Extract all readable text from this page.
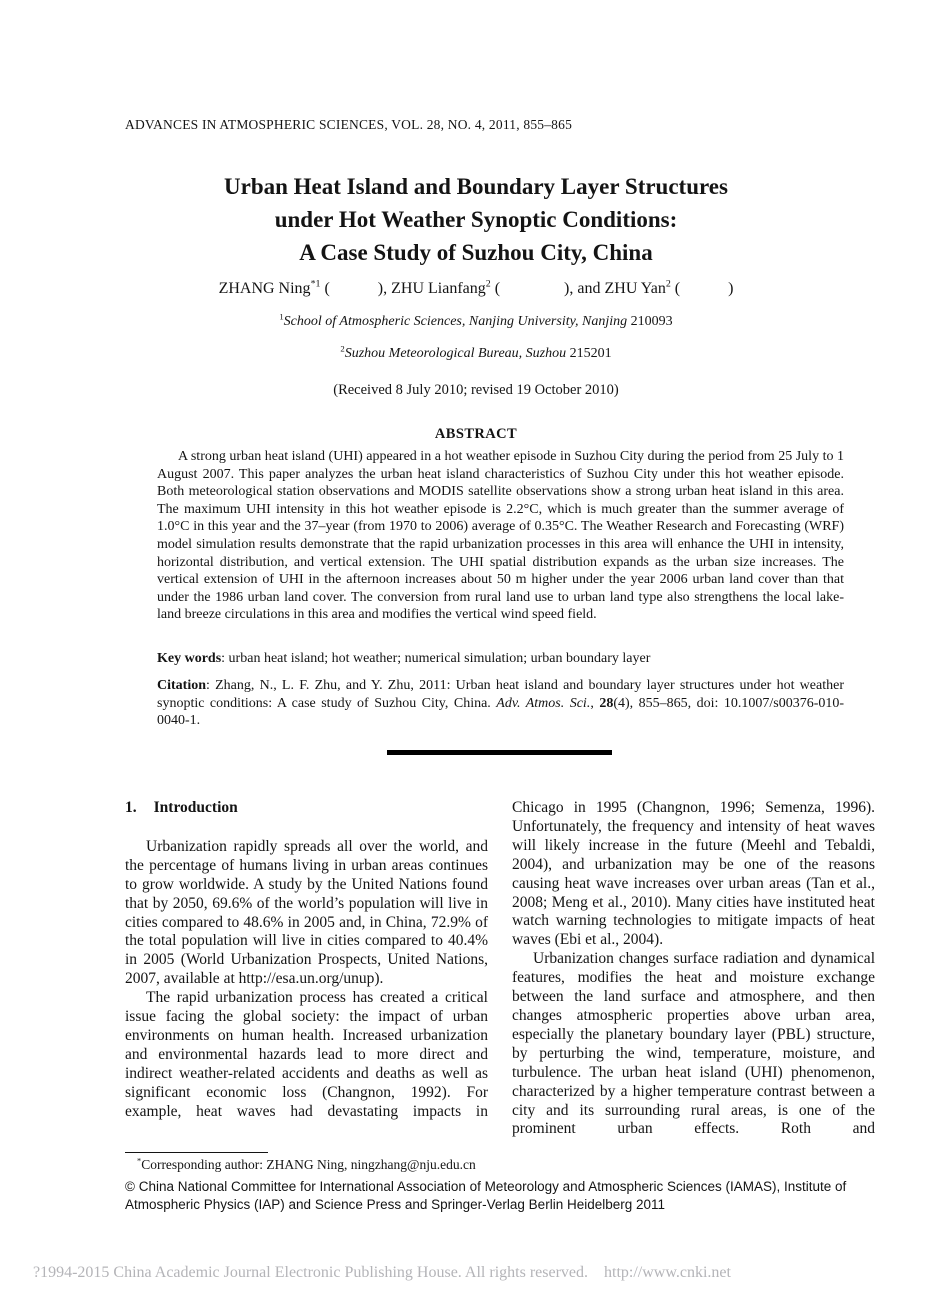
ADVANCES IN ATMOSPHERIC SCIENCES, VOL. 28, NO. 4, 2011, 855–865
Urban Heat Island and Boundary Layer Structures
under Hot Weather Synoptic Conditions:
A Case Study of Suzhou City, China
ZHANG Ning$^{*1}$ (   ), ZHU Lianfang$^2$ (    ), and ZHU Yan$^2$ (   )
$^1$School of Atmospheric Sciences, Nanjing University, Nanjing 210093
$^2$Suzhou Meteorological Bureau, Suzhou 215201
(Received 8 July 2010; revised 19 October 2010)
ABSTRACT

A strong urban heat island (UHI) appeared in a hot weather episode in Suzhou City during the period from 25 July to 1 August 2007. This paper analyzes the urban heat island characteristics of Suzhou City under this hot weather episode. Both meteorological station observations and MODIS satellite observations show a strong urban heat island in this area. The maximum UHI intensity in this hot weather episode is 2.2°C, which is much greater than the summer average of 1.0°C in this year and the 37–year (from 1970 to 2006) average of 0.35°C. The Weather Research and Forecasting (WRF) model simulation results demonstrate that the rapid urbanization processes in this area will enhance the UHI in intensity, horizontal distribution, and vertical extension. The UHI spatial distribution expands as the urban size increases. The vertical extension of UHI in the afternoon increases about 50 m higher under the year 2006 urban land cover than that under the 1986 urban land cover. The conversion from rural land use to urban land type also strengthens the local lake-land breeze circulations in this area and modifies the vertical wind speed field.

Key words: urban heat island; hot weather; numerical simulation; urban boundary layer

Citation: Zhang, N., L. F. Zhu, and Y. Zhu, 2011: Urban heat island and boundary layer structures under hot weather synoptic conditions: A case study of Suzhou City, China. Adv. Atmos. Sci., 28(4), 855–865, doi: 10.1007/s00376-010-0040-1.

1. Introduction

Urbanization rapidly spreads all over the world, and the percentage of humans living in urban areas continues to grow worldwide. A study by the United Nations found that by 2050, 69.6% of the world’s population will live in cities compared to 48.6% in 2005 and, in China, 72.9% of the total population will live in cities compared to 40.4% in 2005 (World Urbanization Prospects, United Nations, 2007, available at http://esa.un.org/unup).

The rapid urbanization process has created a critical issue facing the global society: the impact of urban environments on human health. Increased urbanization and environmental hazards lead to more direct and indirect weather-related accidents and deaths as well as significant economic loss (Changnon, 1992). For example, heat waves had devastating impacts in

Chicago in 1995 (Changnon, 1996; Semenza, 1996). Unfortunately, the frequency and intensity of heat waves will likely increase in the future (Meehl and Tebaldi, 2004), and urbanization may be one of the reasons causing heat wave increases over urban areas (Tan et al., 2008; Meng et al., 2010). Many cities have instituted heat watch warning technologies to mitigate impacts of heat waves (Ebi et al., 2004).

Urbanization changes surface radiation and dynamical features, modifies the heat and moisture exchange between the land surface and atmosphere, and then changes atmospheric properties above urban area, especially the planetary boundary layer (PBL) structure, by perturbing the wind, temperature, moisture, and turbulence. The urban heat island (UHI) phenomenon, characterized by a higher temperature contrast between a city and its surrounding rural areas, is one of the prominent urban effects. Roth and

*Corresponding author: ZHANG Ning, ningzhang@nju.edu.cn
© China National Committee for International Association of Meteorology and Atmospheric Sciences (IAMAS), Institute of Atmospheric Physics (IAP) and Science Press and Springer-Verlag Berlin Heidelberg 2011
?1994-2015 China Academic Journal Electronic Publishing House. All rights reserved. http://www.cnki.net
